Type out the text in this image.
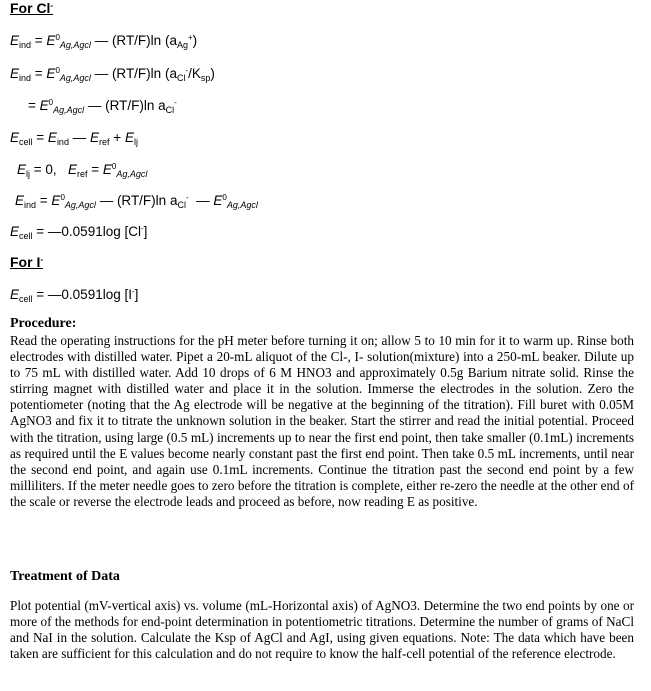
For Cl-
$E_{ind} = E^0_{Ag,Agcl}$ — (RT/F)ln $(a_{Ag}^+)$
$E_{ind} = E^0_{Ag,Agcl}$ — (RT/F)ln $(a_{Cl}^-/K_{sp})$
= $E^0_{Ag,Agcl}$ — (RT/F)ln $a_{Cl}^-$
$E_{cell} = E_{ind}$ — $E_{ref} + E_{lj}$
$E_{lj} = 0$, $E_{ref} = E^0_{Ag,Agcl}$
$E_{ind} = E^0_{Ag,Agcl}$ — (RT/F)ln $a_{Cl}^-$ — $E^0_{Ag,Agcl}$
$E_{cell}$ = —0.0591log [Cl-]
For I-
$E_{cell}$ = —0.0591log [I-]
Procedure:
Read the operating instructions for the pH meter before turning it on; allow 5 to 10 min for it to warm up. Rinse both electrodes with distilled water. Pipet a 20-mL aliquot of the Cl-, I- solution(mixture) into a 250-mL beaker. Dilute up to 75 mL with distilled water. Add 10 drops of 6 M HNO3 and approximately 0.5g Barium nitrate solid. Rinse the stirring magnet with distilled water and place it in the solution. Immerse the electrodes in the solution. Zero the potentiometer (noting that the Ag electrode will be negative at the beginning of the titration). Fill buret with 0.05M AgNO3 and fix it to titrate the unknown solution in the beaker. Start the stirrer and read the initial potential. Proceed with the titration, using large (0.5 mL) increments up to near the first end point, then take smaller (0.1mL) increments as required until the E values become nearly constant past the first end point. Then take 0.5 mL increments, until near the second end point, and again use 0.1mL increments. Continue the titration past the second end point by a few milliliters. If the meter needle goes to zero before the titration is complete, either re-zero the needle at the other end of the scale or reverse the electrode leads and proceed as before, now reading E as positive.
Treatment of Data
Plot potential (mV-vertical axis) vs. volume (mL-Horizontal axis) of AgNO3. Determine the two end points by one or more of the methods for end-point determination in potentiometric titrations. Determine the number of grams of NaCl and NaI in the solution. Calculate the Ksp of AgCl and AgI, using given equations. Note: The data which have been taken are sufficient for this calculation and do not require to know the half-cell potential of the reference electrode.
